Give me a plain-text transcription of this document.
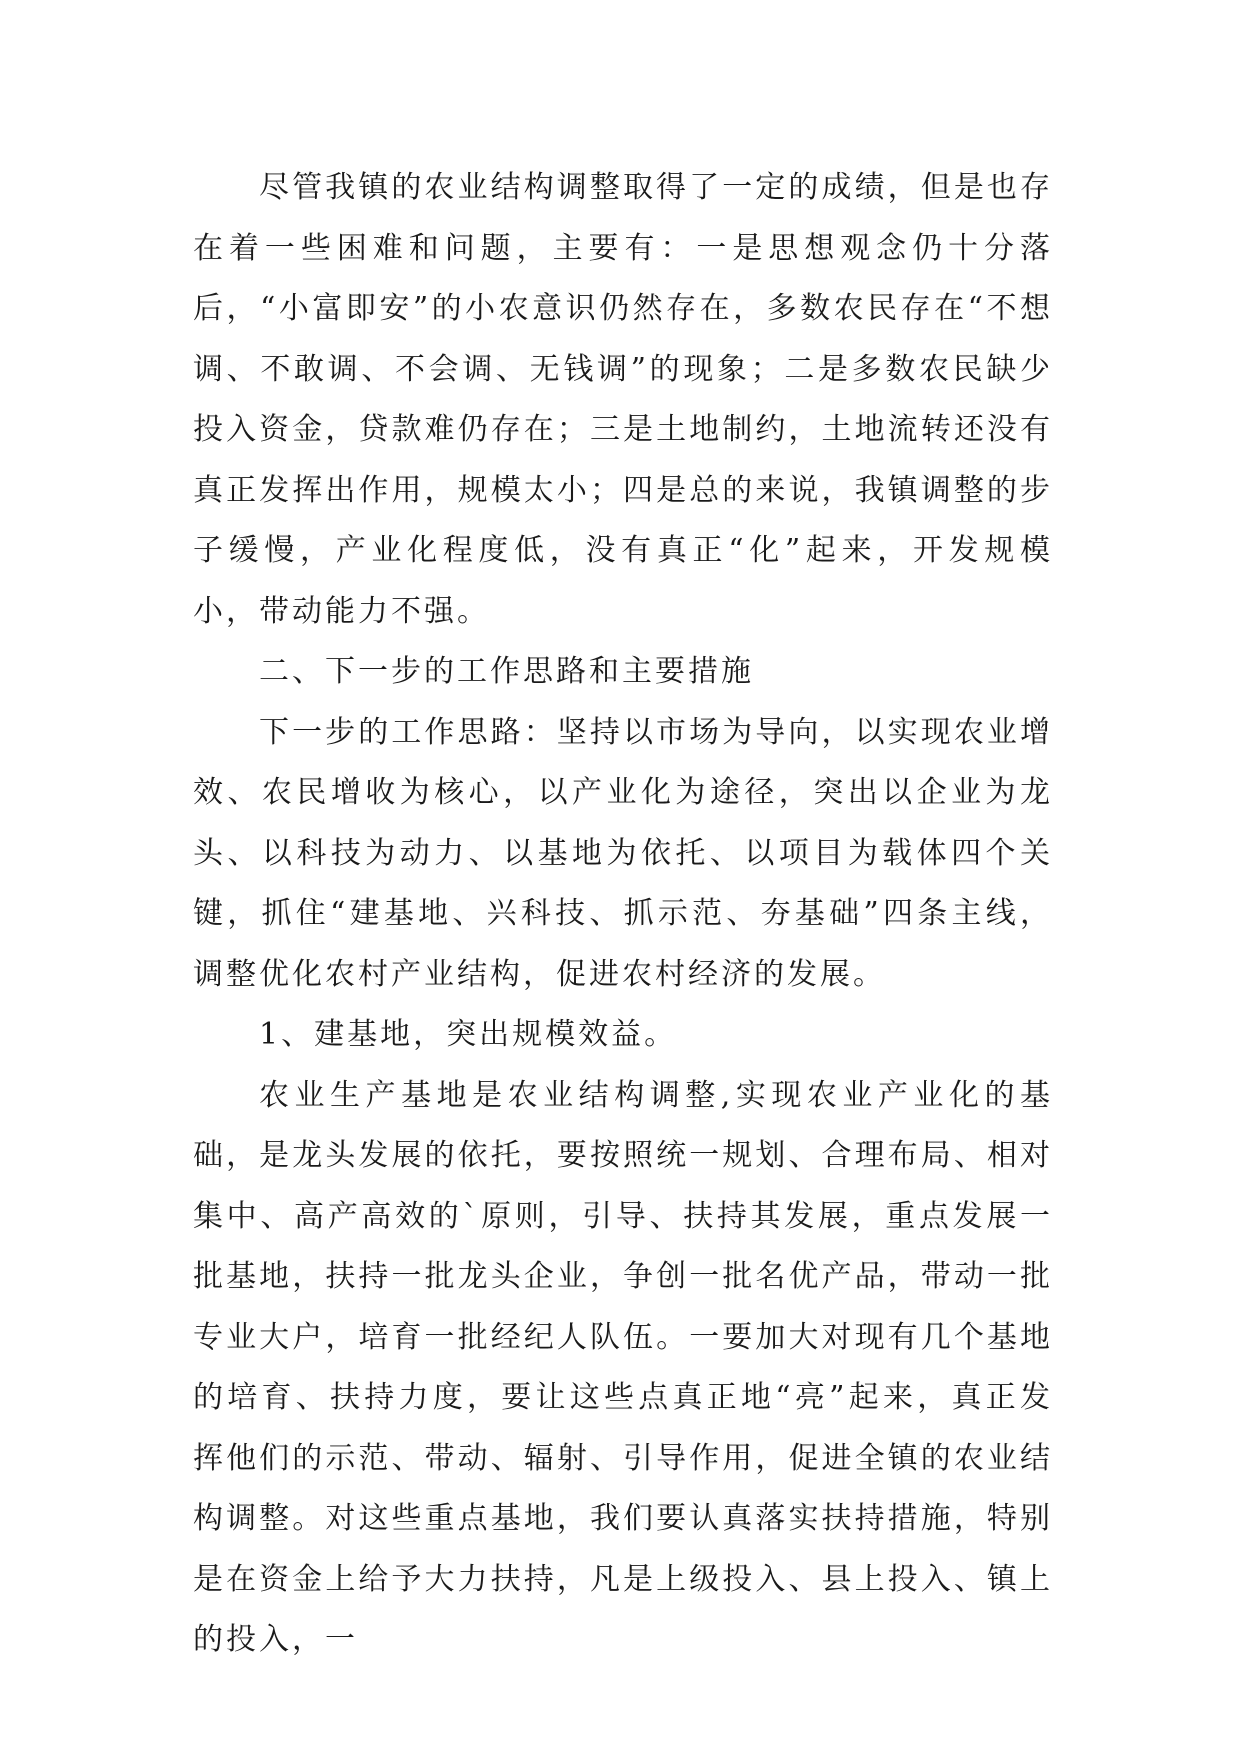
尽管我镇的农业结构调整取得了一定的成绩，但是也存在着一些困难和问题，主要有：一是思想观念仍十分落后，“小富即安”的小农意识仍然存在，多数农民存在“不想调、不敢调、不会调、无钱调”的现象；二是多数农民缺少投入资金，贷款难仍存在；三是土地制约，土地流转还没有真正发挥出作用，规模太小；四是总的来说，我镇调整的步子缓慢，产业化程度低，没有真正“化”起来，开发规模小，带动能力不强。

二、下一步的工作思路和主要措施

下一步的工作思路：坚持以市场为导向，以实现农业增效、农民增收为核心，以产业化为途径，突出以企业为龙头、以科技为动力、以基地为依托、以项目为载体四个关键，抓住“建基地、兴科技、抓示范、夯基础”四条主线，调整优化农村产业结构，促进农村经济的发展。

1、建基地，突出规模效益。

农业生产基地是农业结构调整,实现农业产业化的基础，是龙头发展的依托，要按照统一规划、合理布局、相对集中、高产高效的`原则，引导、扶持其发展，重点发展一批基地，扶持一批龙头企业，争创一批名优产品，带动一批专业大户，培育一批经纪人队伍。一要加大对现有几个基地的培育、扶持力度，要让这些点真正地“亮”起来，真正发挥他们的示范、带动、辐射、引导作用，促进全镇的农业结构调整。对这些重点基地，我们要认真落实扶持措施，特别是在资金上给予大力扶持，凡是上级投入、县上投入、镇上的投入，一
